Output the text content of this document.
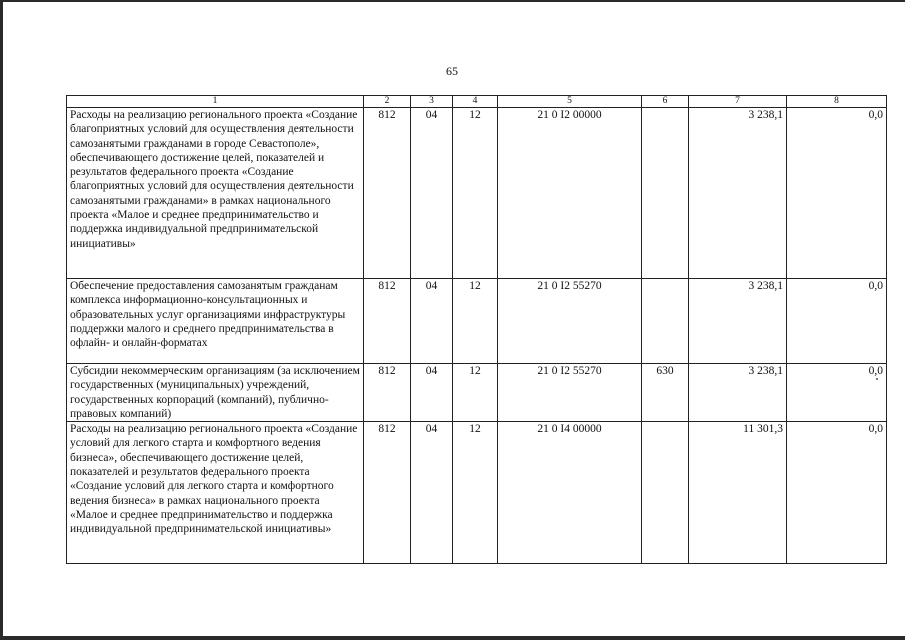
65
1	2	3	4	5	6	7	8
Расходы на реализацию регионального проекта «Создание благоприятных условий для осуществления деятельности самозанятыми гражданами в городе Севастополе», обеспечивающего достижение целей, показателей и результатов федерального проекта «Создание благоприятных условий для осуществления деятельности самозанятыми гражданами» в рамках национального проекта «Малое и среднее предпринимательство и поддержка индивидуальной предпринимательской инициативы»	812	04	12	21 0 I2 00000		3 238,1	0,0
Обеспечение предоставления самозанятым гражданам комплекса информационно-консультационных и образовательных услуг организациями инфраструктуры поддержки малого и среднего предпринимательства в офлайн- и онлайн-форматах	812	04	12	21 0 I2 55270		3 238,1	0,0
Субсидии некоммерческим организациям (за исключением государственных (муниципальных) учреждений, государственных корпораций (компаний), публично-правовых компаний)	812	04	12	21 0 I2 55270	630	3 238,1	0,0
Расходы на реализацию регионального проекта «Создание условий для легкого старта и комфортного ведения бизнеса», обеспечивающего достижение целей, показателей и результатов федерального проекта «Создание условий для легкого старта и комфортного ведения бизнеса» в рамках национального проекта «Малое и среднее предпринимательство и поддержка индивидуальной предпринимательской инициативы»	812	04	12	21 0 I4 00000		11 301,3	0,0
